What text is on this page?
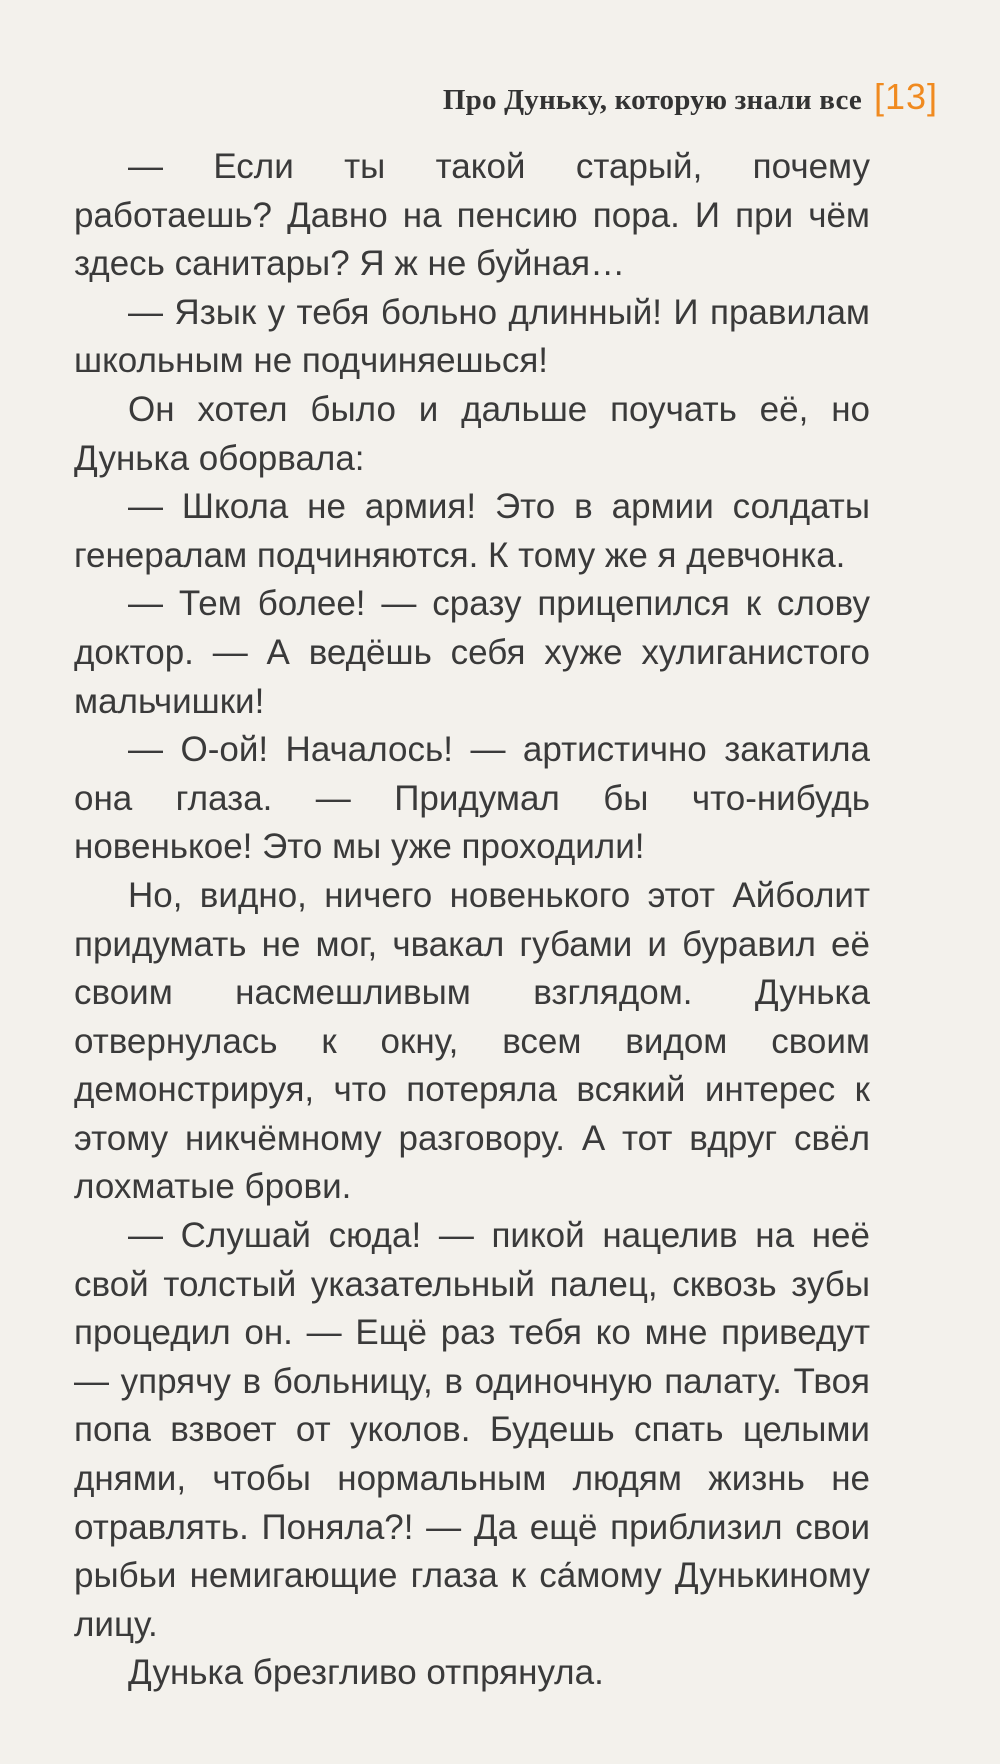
Про Дуньку, которую знали все [13]

— Если ты такой старый, почему работаешь? Давно на пенсию пора. И при чём здесь санитары? Я ж не буйная…

— Язык у тебя больно длинный! И правилам школьным не подчиняешься!

Он хотел было и дальше поучать её, но Дунька оборвала:

— Школа не армия! Это в армии солдаты генералам подчиняются. К тому же я девчонка.

— Тем более! — сразу прицепился к слову доктор. — А ведёшь себя хуже хулиганистого мальчишки!

— О-ой! Началось! — артистично закатила она глаза. — Придумал бы что-нибудь новенькое! Это мы уже проходили!

Но, видно, ничего новенького этот Айболит придумать не мог, чвакал губами и буравил её своим насмешливым взглядом. Дунька отвернулась к окну, всем видом своим демонстрируя, что потеряла всякий интерес к этому никчёмному разговору. А тот вдруг свёл лохматые брови.

— Слушай сюда! — пикой нацелив на неё свой толстый указательный палец, сквозь зубы процедил он. — Ещё раз тебя ко мне приведут — упрячу в больницу, в одиночную палату. Твоя попа взвоет от уколов. Будешь спать целыми днями, чтобы нормальным людям жизнь не отравлять. Поняла?! — Да ещё приблизил свои рыбьи немигающие глаза к са́мому Дунькиному лицу.

Дунька брезгливо отпрянула.
